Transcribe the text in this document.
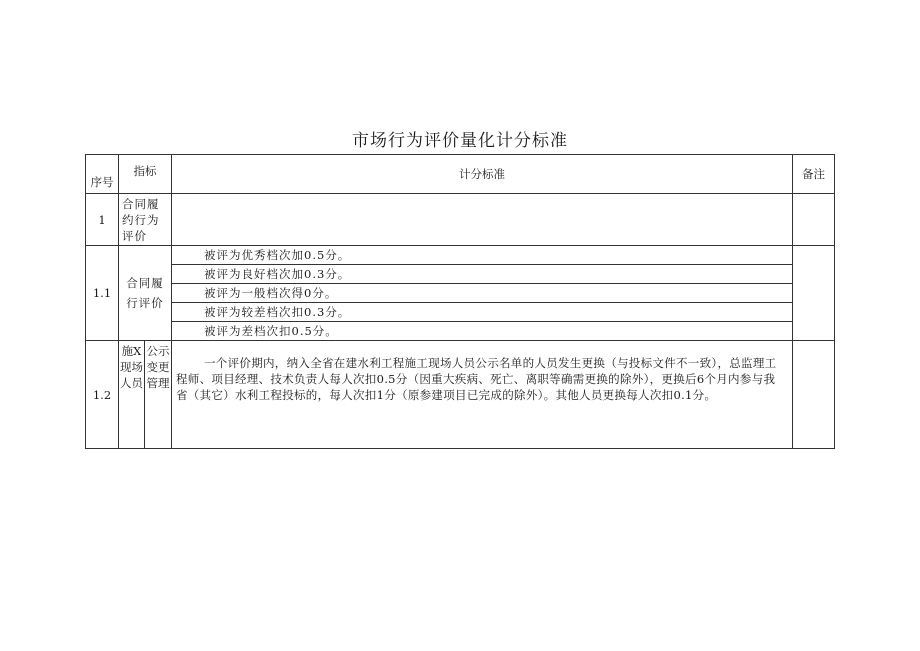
市场行为评价量化计分标准
序号	指标		计分标准	备注
1	合同履约行为评价			
1.1	合同履行评价		被评为优秀档次加0.5分。	
			被评为良好档次加0.3分。	
			被评为一般档次得0分。	
			被评为较差档次扣0.3分。	
			被评为差档次扣0.5分。	
1.2	施X现场人员	公示变更管理	一个评价期内，纳入全省在建水利工程施工现场人员公示名单的人员发生更换（与投标文件不一致），总监理工程师、项目经理、技术负责人每人次扣0.5分（因重大疾病、死亡、离职等确需更换的除外），更换后6个月内参与我省（其它）水利工程投标的，每人次扣1分（原参建项目已完成的除外）。其他人员更换每人次扣0.1分。	
